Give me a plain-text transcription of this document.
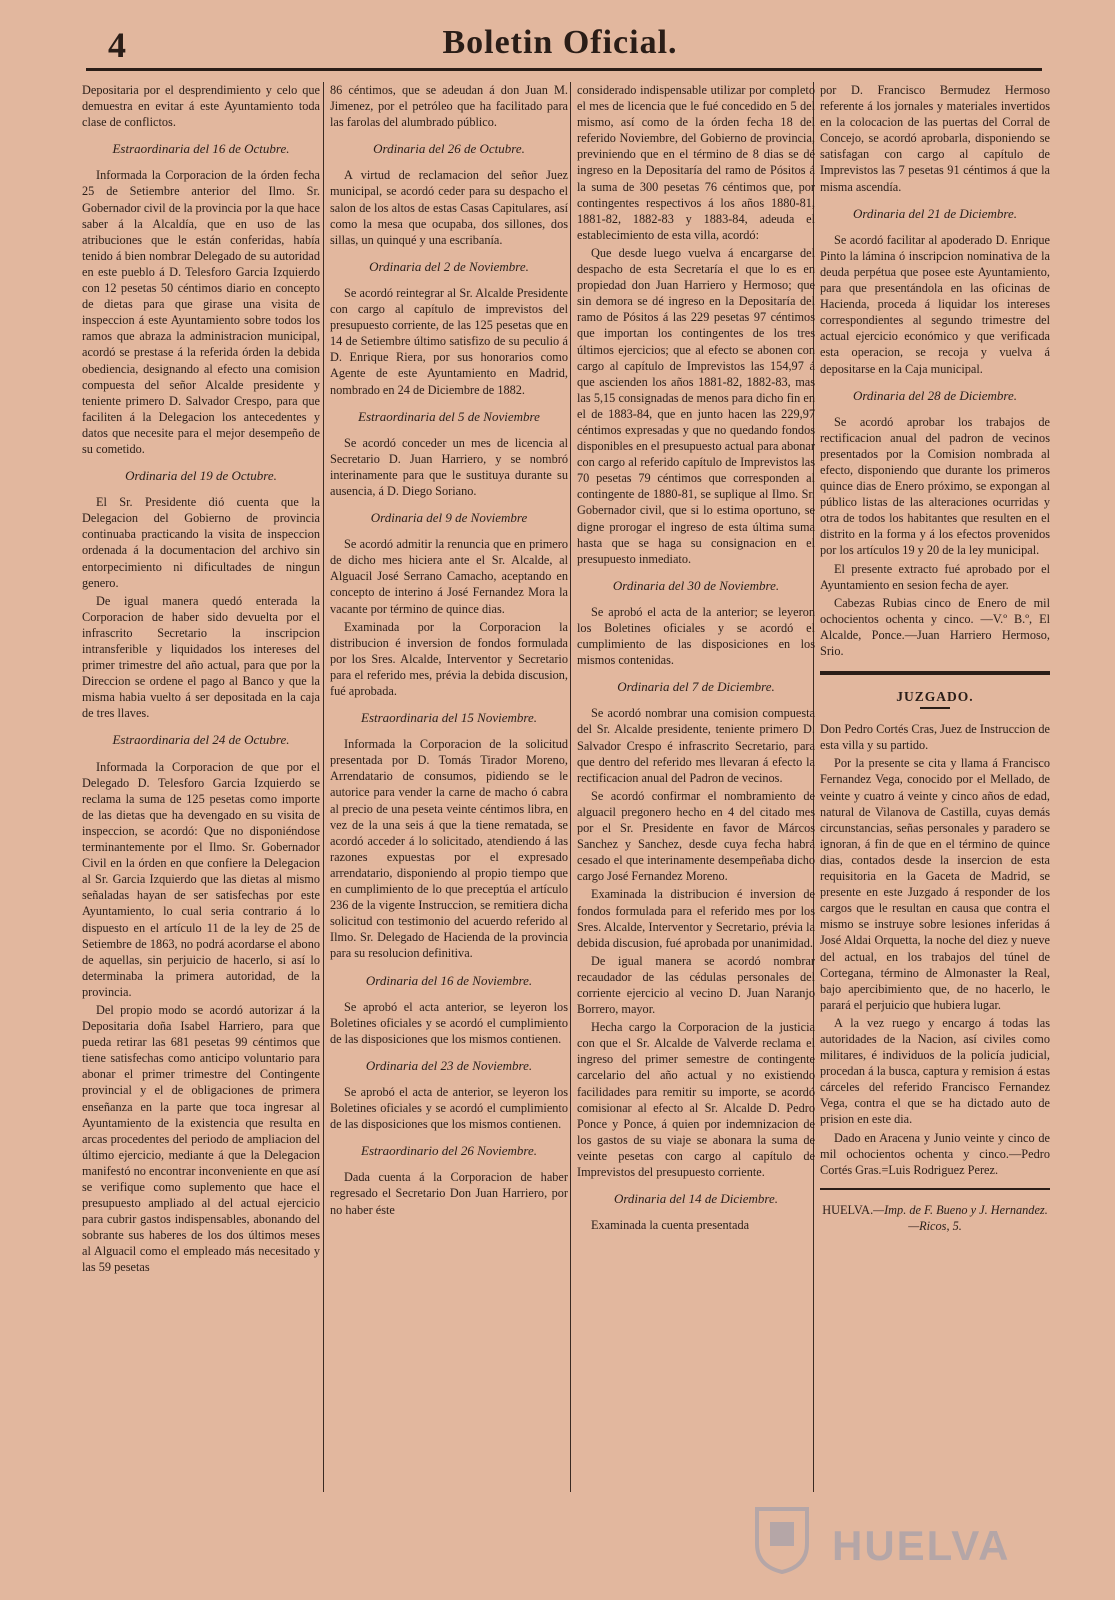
4	Boletin Oficial.

Depositaria por el desprendimiento y celo que demuestra en evitar á este Ayuntamiento toda clase de conflictos.

Estraordinaria del 16 de Octubre.

Informada la Corporacion de la órden fecha 25 de Setiembre anterior del Ilmo. Sr. Gobernador civil de la provincia por la que hace saber á la Alcaldía, que en uso de las atribuciones que le están conferidas, había tenido á bien nombrar Delegado de su autoridad en este pueblo á D. Telesforo Garcia Izquierdo con 12 pesetas 50 céntimos diario en concepto de dietas para que girase una visita de inspeccion á este Ayuntamiento sobre todos los ramos que abraza la administracion municipal, acordó se prestase á la referida órden la debida obediencia, designando al efecto una comision compuesta del señor Alcalde presidente y teniente primero D. Salvador Crespo, para que faciliten á la Delegacion los antecedentes y datos que necesite para el mejor desempeño de su cometido.

Ordinaria del 19 de Octubre.

El Sr. Presidente dió cuenta que la Delegacion del Gobierno de provincia continuaba practicando la visita de inspeccion ordenada á la documentacion del archivo sin entorpecimiento ni dificultades de ningun genero.

De igual manera quedó enterada la Corporacion de haber sido devuelta por el infrascrito Secretario la inscripcion intransferible y liquidados los intereses del primer trimestre del año actual, para que por la Direccion se ordene el pago al Banco y que la misma habia vuelto á ser depositada en la caja de tres llaves.

Estraordinaria del 24 de Octubre.

Informada la Corporacion de que por el Delegado D. Telesforo Garcia Izquierdo se reclama la suma de 125 pesetas como importe de las dietas que ha devengado en su visita de inspeccion, se acordó: Que no disponiéndose terminantemente por el Ilmo. Sr. Gobernador Civil en la órden en que confiere la Delegacion al Sr. Garcia Izquierdo que las dietas al mismo señaladas hayan de ser satisfechas por este Ayuntamiento, lo cual seria contrario á lo dispuesto en el artículo 11 de la ley de 25 de Setiembre de 1863, no podrá acordarse el abono de aquellas, sin perjuicio de hacerlo, si así lo determinaba la primera autoridad, de la provincia.

Del propio modo se acordó autorizar á la Depositaria doña Isabel Harriero, para que pueda retirar las 681 pesetas 99 céntimos que tiene satisfechas como anticipo voluntario para abonar el primer trimestre del Contingente provincial y el de obligaciones de primera enseñanza en la parte que toca ingresar al Ayuntamiento de la existencia que resulta en arcas procedentes del periodo de ampliacion del último ejercicio, mediante á que la Delegacion manifestó no encontrar inconveniente en que así se verifique como suplemento que hace el presupuesto ampliado al del actual ejercicio para cubrir gastos indispensables, abonando del sobrante sus haberes de los dos últimos meses al Alguacil como el empleado más necesitado y las 59 pesetas

86 céntimos, que se adeudan á don Juan M. Jimenez, por el petróleo que ha facilitado para las farolas del alumbrado público.

Ordinaria del 26 de Octubre.

A virtud de reclamacion del señor Juez municipal, se acordó ceder para su despacho el salon de los altos de estas Casas Capitulares, así como la mesa que ocupaba, dos sillones, dos sillas, un quinqué y una escribanía.

Ordinaria del 2 de Noviembre.

Se acordó reintegrar al Sr. Alcalde Presidente con cargo al capítulo de imprevistos del presupuesto corriente, de las 125 pesetas que en 14 de Setiembre último satisfizo de su peculio á D. Enrique Riera, por sus honorarios como Agente de este Ayuntamiento en Madrid, nombrado en 24 de Diciembre de 1882.

Estraordinaria del 5 de Noviembre

Se acordó conceder un mes de licencia al Secretario D. Juan Harriero, y se nombró interinamente para que le sustituya durante su ausencia, á D. Diego Soriano.

Ordinaria del 9 de Noviembre

Se acordó admitir la renuncia que en primero de dicho mes hiciera ante el Sr. Alcalde, al Alguacil José Serrano Camacho, aceptando en concepto de interino á José Fernandez Mora la vacante por término de quince dias.

Examinada por la Corporacion la distribucion é inversion de fondos formulada por los Sres. Alcalde, Interventor y Secretario para el referido mes, prévia la debida discusion, fué aprobada.

Estraordinaria del 15 Noviembre.

Informada la Corporacion de la solicitud presentada por D. Tomás Tirador Moreno, Arrendatario de consumos, pidiendo se le autorice para vender la carne de macho ó cabra al precio de una peseta veinte céntimos libra, en vez de la una seis á que la tiene rematada, se acordó acceder á lo solicitado, atendiendo á las razones expuestas por el expresado arrendatario, disponiendo al propio tiempo que en cumplimiento de lo que preceptúa el artículo 236 de la vigente Instruccion, se remitiera dicha solicitud con testimonio del acuerdo referido al Ilmo. Sr. Delegado de Hacienda de la provincia para su resolucion definitiva.

Ordinaria del 16 de Noviembre.

Se aprobó el acta anterior, se leyeron los Boletines oficiales y se acordó el cumplimiento de las disposiciones que los mismos contienen.

Ordinaria del 23 de Noviembre.

Se aprobó el acta de anterior, se leyeron los Boletines oficiales y se acordó el cumplimiento de las disposiciones que los mismos contienen.

Estraordinario del 26 Noviembre.

Dada cuenta á la Corporacion de haber regresado el Secretario Don Juan Harriero, por no haber éste

considerado indispensable utilizar por completo el mes de licencia que le fué concedido en 5 del mismo, así como de la órden fecha 18 del referido Noviembre, del Gobierno de provincia, previniendo que en el término de 8 dias se dé ingreso en la Depositaría del ramo de Pósitos á la suma de 300 pesetas 76 céntimos que, por contingentes respectivos á los años 1880-81, 1881-82, 1882-83 y 1883-84, adeuda el establecimiento de esta villa, acordó:

Que desde luego vuelva á encargarse del despacho de esta Secretaría el que lo es en propiedad don Juan Harriero y Hermoso; que sin demora se dé ingreso en la Depositaría del ramo de Pósitos á las 229 pesetas 97 céntimos que importan los contingentes de los tres últimos ejercicios; que al efecto se abonen con cargo al capítulo de Imprevistos las 154,97 á que ascienden los años 1881-82, 1882-83, mas las 5,15 consignadas de menos para dicho fin en el de 1883-84, que en junto hacen las 229,97 céntimos expresadas y que no quedando fondos disponibles en el presupuesto actual para abonar con cargo al referido capítulo de Imprevistos las 70 pesetas 79 céntimos que corresponden al contingente de 1880-81, se suplique al Ilmo. Sr. Gobernador civil, que si lo estima oportuno, se digne prorogar el ingreso de esta última suma hasta que se haga su consignacion en el presupuesto inmediato.

Ordinaria del 30 de Noviembre.

Se aprobó el acta de la anterior; se leyeron los Boletines oficiales y se acordó el cumplimiento de las disposiciones en los mismos contenidas.

Ordinaria del 7 de Diciembre.

Se acordó nombrar una comision compuesta del Sr. Alcalde presidente, teniente primero D. Salvador Crespo é infrascrito Secretario, para que dentro del referido mes llevaran á efecto la rectificacion anual del Padron de vecinos.

Se acordó confirmar el nombramiento de alguacil pregonero hecho en 4 del citado mes por el Sr. Presidente en favor de Márcos Sanchez y Sanchez, desde cuya fecha habrá cesado el que interinamente desempeñaba dicho cargo José Fernandez Moreno.

Examinada la distribucion é inversion de fondos formulada para el referido mes por los Sres. Alcalde, Interventor y Secretario, prévia la debida discusion, fué aprobada por unanimidad.

De igual manera se acordó nombrar recaudador de las cédulas personales del corriente ejercicio al vecino D. Juan Naranjo Borrero, mayor.

Hecha cargo la Corporacion de la justicia con que el Sr. Alcalde de Valverde reclama el ingreso del primer semestre de contingente carcelario del año actual y no existiendo facilidades para remitir su importe, se acordó comisionar al efecto al Sr. Alcalde D. Pedro Ponce y Ponce, á quien por indemnizacion de los gastos de su viaje se abonara la suma de veinte pesetas con cargo al capítulo de Imprevistos del presupuesto corriente.

Ordinaria del 14 de Diciembre.

Examinada la cuenta presentada

por D. Francisco Bermudez Hermoso referente á los jornales y materiales invertidos en la colocacion de las puertas del Corral de Concejo, se acordó aprobarla, disponiendo se satisfagan con cargo al capítulo de Imprevistos las 7 pesetas 91 céntimos á que la misma ascendía.

Ordinaria del 21 de Diciembre.

Se acordó facilitar al apoderado D. Enrique Pinto la lámina ó inscripcion nominativa de la deuda perpétua que posee este Ayuntamiento, para que presentándola en las oficinas de Hacienda, proceda á liquidar los intereses correspondientes al segundo trimestre del actual ejercicio económico y que verificada esta operacion, se recoja y vuelva á depositarse en la Caja municipal.

Ordinaria del 28 de Diciembre.

Se acordó aprobar los trabajos de rectificacion anual del padron de vecinos presentados por la Comision nombrada al efecto, disponiendo que durante los primeros quince dias de Enero próximo, se expongan al público listas de las alteraciones ocurridas y otra de todos los habitantes que resulten en el distrito en la forma y á los efectos provenidos por los artículos 19 y 20 de la ley municipal.

El presente extracto fué aprobado por el Ayuntamiento en sesion fecha de ayer.

Cabezas Rubias cinco de Enero de mil ochocientos ochenta y cinco. —V.º B.º, El Alcalde, Ponce.—Juan Harriero Hermoso, Srio.

JUZGADO.

Don Pedro Cortés Cras, Juez de Instruccion de esta villa y su partido.

Por la presente se cita y llama á Francisco Fernandez Vega, conocido por el Mellado, de veinte y cuatro á veinte y cinco años de edad, natural de Vilanova de Castilla, cuyas demás circunstancias, señas personales y paradero se ignoran, á fin de que en el término de quince dias, contados desde la insercion de esta requisitoria en la Gaceta de Madrid, se presente en este Juzgado á responder de los cargos que le resultan en causa que contra el mismo se instruye sobre lesiones inferidas á José Aldai Orquetta, la noche del diez y nueve del actual, en los trabajos del túnel de Cortegana, término de Almonaster la Real, bajo apercibimiento que, de no hacerlo, le parará el perjuicio que hubiera lugar.

A la vez ruego y encargo á todas las autoridades de la Nacion, así civiles como militares, é individuos de la policía judicial, procedan á la busca, captura y remision á estas cárceles del referido Francisco Fernandez Vega, contra el que se ha dictado auto de prision en este dia.

Dado en Aracena y Junio veinte y cinco de mil ochocientos ochenta y cinco.—Pedro Cortés Gras.=Luis Rodriguez Perez.

HUELVA.—Imp. de F. Bueno y J. Hernandez.—Ricos, 5.
HUELVA
